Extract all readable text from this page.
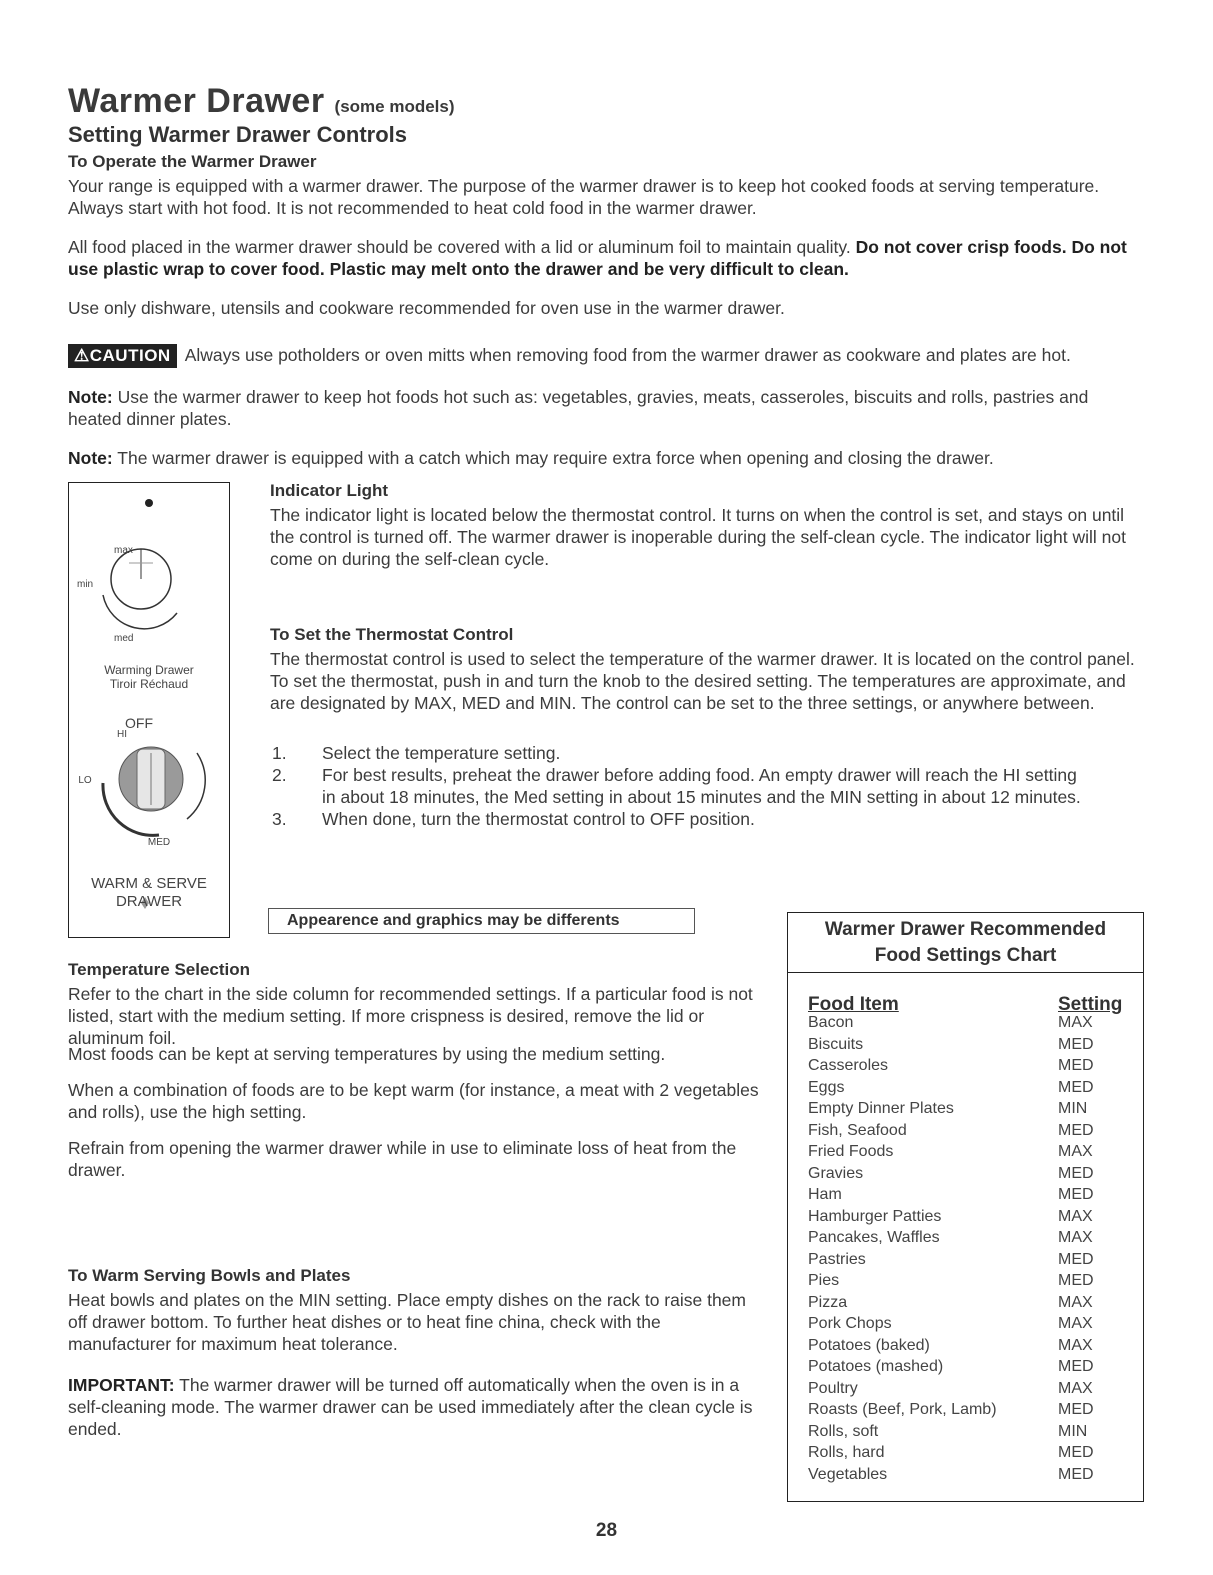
Warmer Drawer (some models)
Setting Warmer Drawer Controls
To Operate the Warmer Drawer
Your range is equipped with a warmer drawer. The purpose of the warmer drawer is to keep hot cooked foods at serving temperature. Always start with hot food. It is not recommended to heat cold food in the warmer drawer.
All food placed in the warmer drawer should be covered with a lid or aluminum foil to maintain quality. Do not cover crisp foods. Do not use plastic wrap to cover food. Plastic may melt onto the drawer and be very difficult to clean.
Use only dishware, utensils and cookware recommended for oven use in the warmer drawer.
⚠CAUTION Always use potholders or oven mitts when removing food from the warmer drawer as cookware and plates are hot.
Note: Use the warmer drawer to keep hot foods hot such as: vegetables, gravies, meats, casseroles, biscuits and rolls, pastries and heated dinner plates.
Note: The warmer drawer is equipped with a catch which may require extra force when opening and closing the drawer.
max
min
med
Warming Drawer
Tiroir Réchaud
OFF
HI
LO
MED
WARM & SERVE
DRAWER
Indicator Light
The indicator light is located below the thermostat control. It turns on when the control is set, and stays on until the control is turned off. The warmer drawer is inoperable during the self-clean cycle. The indicator light will not come on during the self-clean cycle.
To Set the Thermostat Control
The thermostat control is used to select the temperature of the warmer drawer. It is located on the control panel. To set the thermostat, push in and turn the knob to the desired setting. The temperatures are approximate, and are designated by MAX, MED and MIN. The control can be set to the three settings, or anywhere between.
1. Select the temperature setting.
2. For best results, preheat the drawer before adding food. An empty drawer will reach the HI setting in about 18 minutes, the Med setting in about 15 minutes and the MIN setting in about 12 minutes.
3. When done, turn the thermostat control to OFF position.
Appearence and graphics may be differents
Temperature Selection
Refer to the chart in the side column for recommended settings. If a particular food is not listed, start with the medium setting. If more crispness is desired, remove the lid or aluminum foil.
Most foods can be kept at serving temperatures by using the medium setting.
When a combination of foods are to be kept warm (for instance, a meat with 2 vegetables and rolls), use the high setting.
Refrain from opening the warmer drawer while in use to eliminate loss of heat from the drawer.
To Warm Serving Bowls and Plates
Heat bowls and plates on the MIN setting. Place empty dishes on the rack to raise them off drawer bottom. To further heat dishes or to heat fine china, check with the manufacturer for maximum heat tolerance.
IMPORTANT: The warmer drawer will be turned off automatically when the oven is in a self-cleaning mode. The warmer drawer can be used immediately after the clean cycle is ended.
Warmer Drawer Recommended
Food Settings Chart
Food Item	Setting
Bacon	MAX
Biscuits	MED
Casseroles	MED
Eggs	MED
Empty Dinner Plates	MIN
Fish, Seafood	MED
Fried Foods	MAX
Gravies	MED
Ham	MED
Hamburger Patties	MAX
Pancakes, Waffles	MAX
Pastries	MED
Pies	MED
Pizza	MAX
Pork Chops	MAX
Potatoes (baked)	MAX
Potatoes (mashed)	MED
Poultry	MAX
Roasts (Beef, Pork, Lamb)	MED
Rolls, soft	MIN
Rolls, hard	MED
Vegetables	MED
28
